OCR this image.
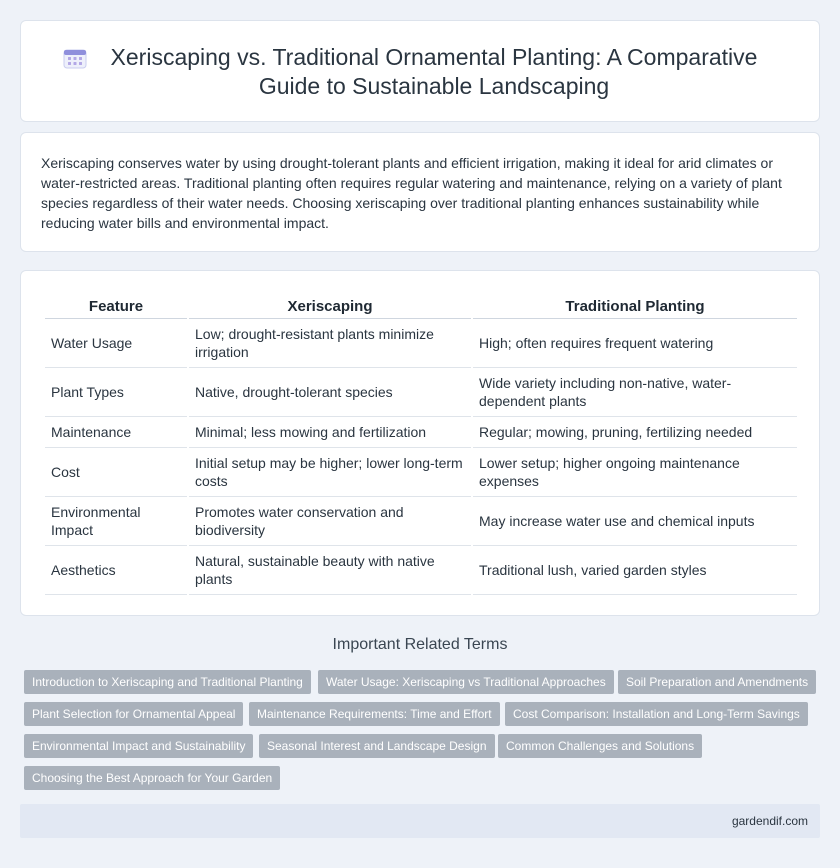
Xeriscaping vs. Traditional Ornamental Planting: A Comparative Guide to Sustainable Landscaping

Xeriscaping conserves water by using drought-tolerant plants and efficient irrigation, making it ideal for arid climates or water-restricted areas. Traditional planting often requires regular watering and maintenance, relying on a variety of plant species regardless of their water needs. Choosing xeriscaping over traditional planting enhances sustainability while reducing water bills and environmental impact.

Feature	Xeriscaping	Traditional Planting
Water Usage	Low; drought-resistant plants minimize irrigation	High; often requires frequent watering
Plant Types	Native, drought-tolerant species	Wide variety including non-native, water-dependent plants
Maintenance	Minimal; less mowing and fertilization	Regular; mowing, pruning, fertilizing needed
Cost	Initial setup may be higher; lower long-term costs	Lower setup; higher ongoing maintenance expenses
Environmental Impact	Promotes water conservation and biodiversity	May increase water use and chemical inputs
Aesthetics	Natural, sustainable beauty with native plants	Traditional lush, varied garden styles
Important Related Terms
Introduction to Xeriscaping and Traditional Planting	Water Usage: Xeriscaping vs Traditional Approaches	Soil Preparation and Amendments
Plant Selection for Ornamental Appeal	Maintenance Requirements: Time and Effort	Cost Comparison: Installation and Long-Term Savings
Environmental Impact and Sustainability	Seasonal Interest and Landscape Design	Common Challenges and Solutions
Choosing the Best Approach for Your Garden
gardendif.com
